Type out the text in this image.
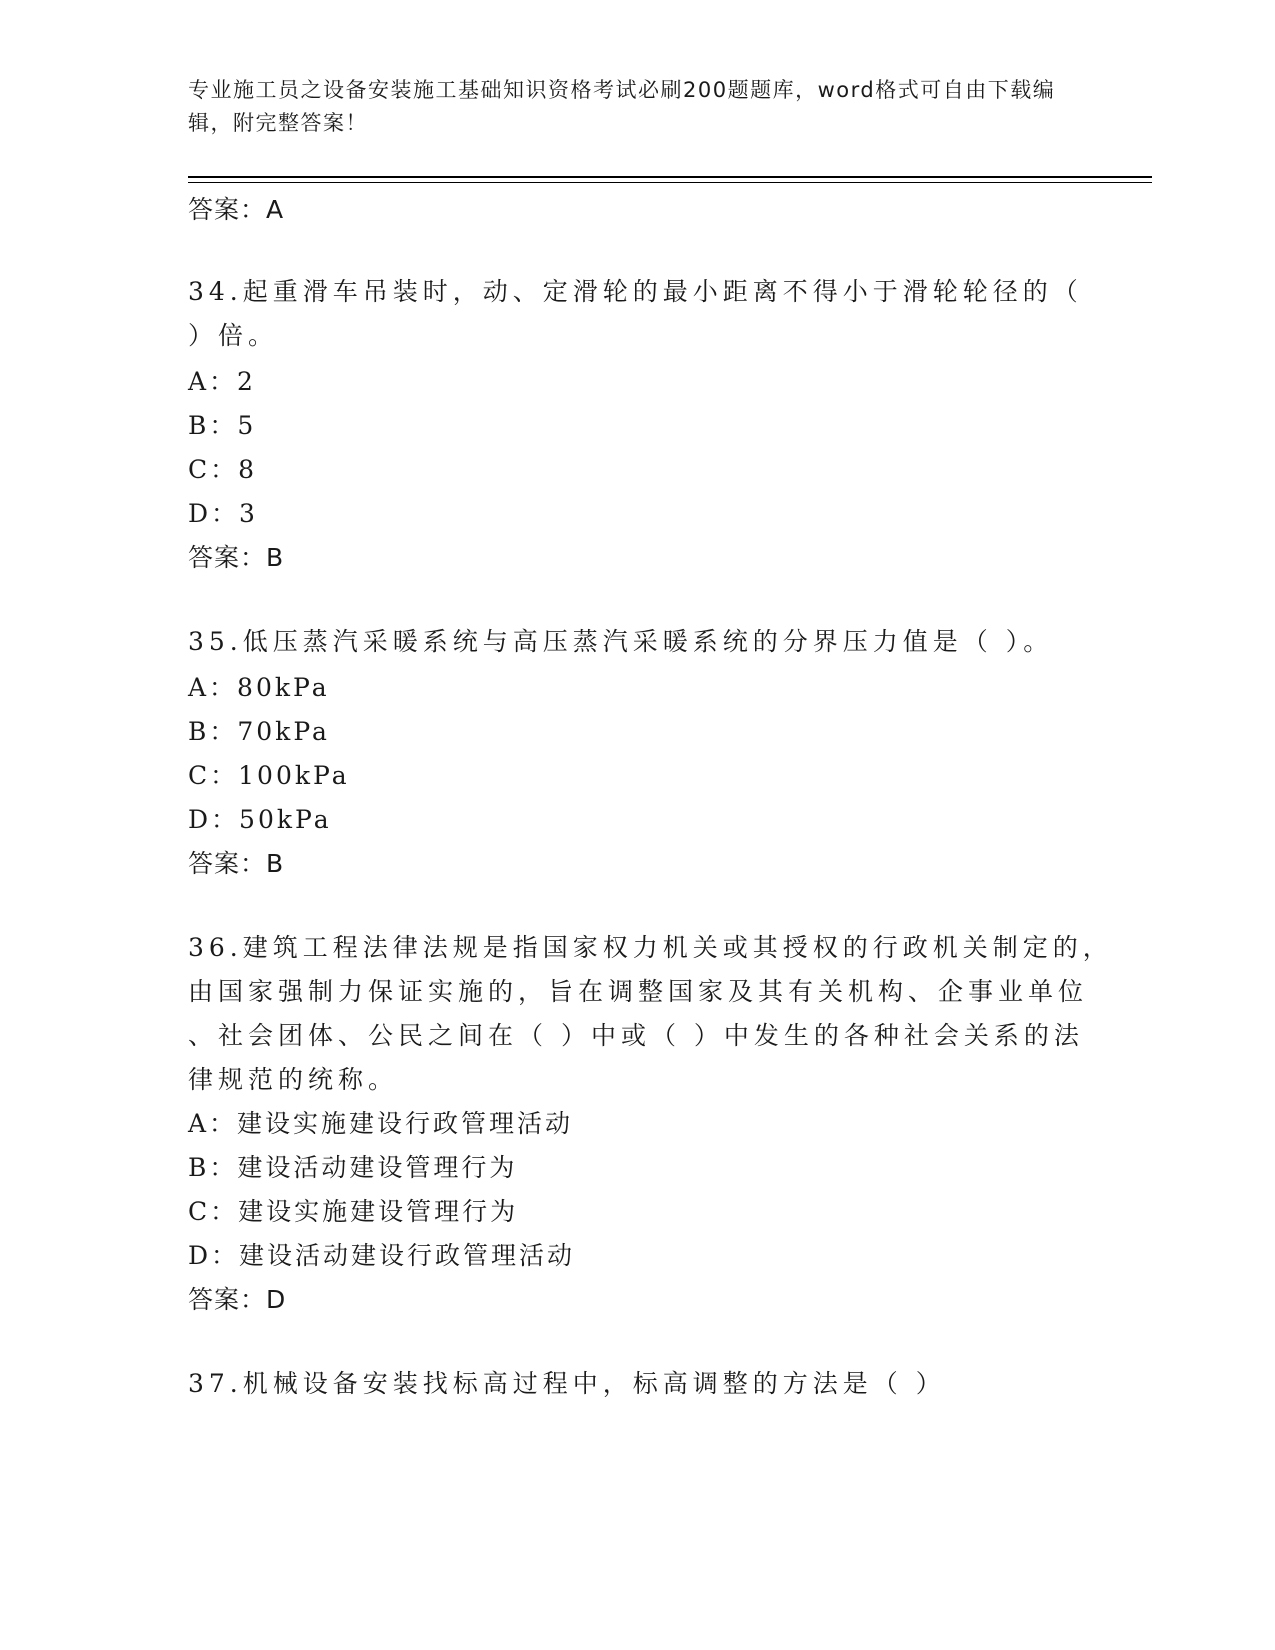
专业施工员之设备安装施工基础知识资格考试必刷200题题库，word格式可自由下载编辑，附完整答案！
答案：A
34.起重滑车吊装时，动、定滑轮的最小距离不得小于滑轮轮径的（
）倍。
A：2
B：5
C：8
D：3
答案：B
35.低压蒸汽采暖系统与高压蒸汽采暖系统的分界压力值是（ ）。
A：80kPa
B：70kPa
C：100kPa
D：50kPa
答案：B
36.建筑工程法律法规是指国家权力机关或其授权的行政机关制定的，
由国家强制力保证实施的，旨在调整国家及其有关机构、企事业单位
、社会团体、公民之间在（ ）中或（ ）中发生的各种社会关系的法
律规范的统称。
A：建设实施建设行政管理活动
B：建设活动建设管理行为
C：建设实施建设管理行为
D：建设活动建设行政管理活动
答案：D
37.机械设备安装找标高过程中，标高调整的方法是（ ）
